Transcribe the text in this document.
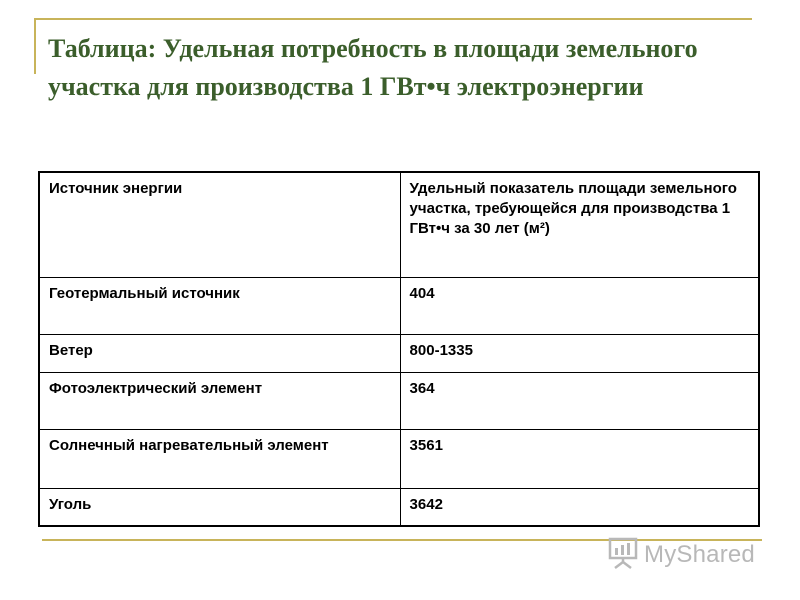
Таблица: Удельная потребность в площади земельного участка для производства 1 ГВт•ч электроэнергии
Источник энергии	Удельный показатель площади земельного участка, требующейся для производства 1 ГВт•ч за 30 лет (м²)
Геотермальный источник	404
Ветер	800-1335
Фотоэлектрический элемент	364
Солнечный нагревательный элемент	3561
Уголь	3642
MyShared
